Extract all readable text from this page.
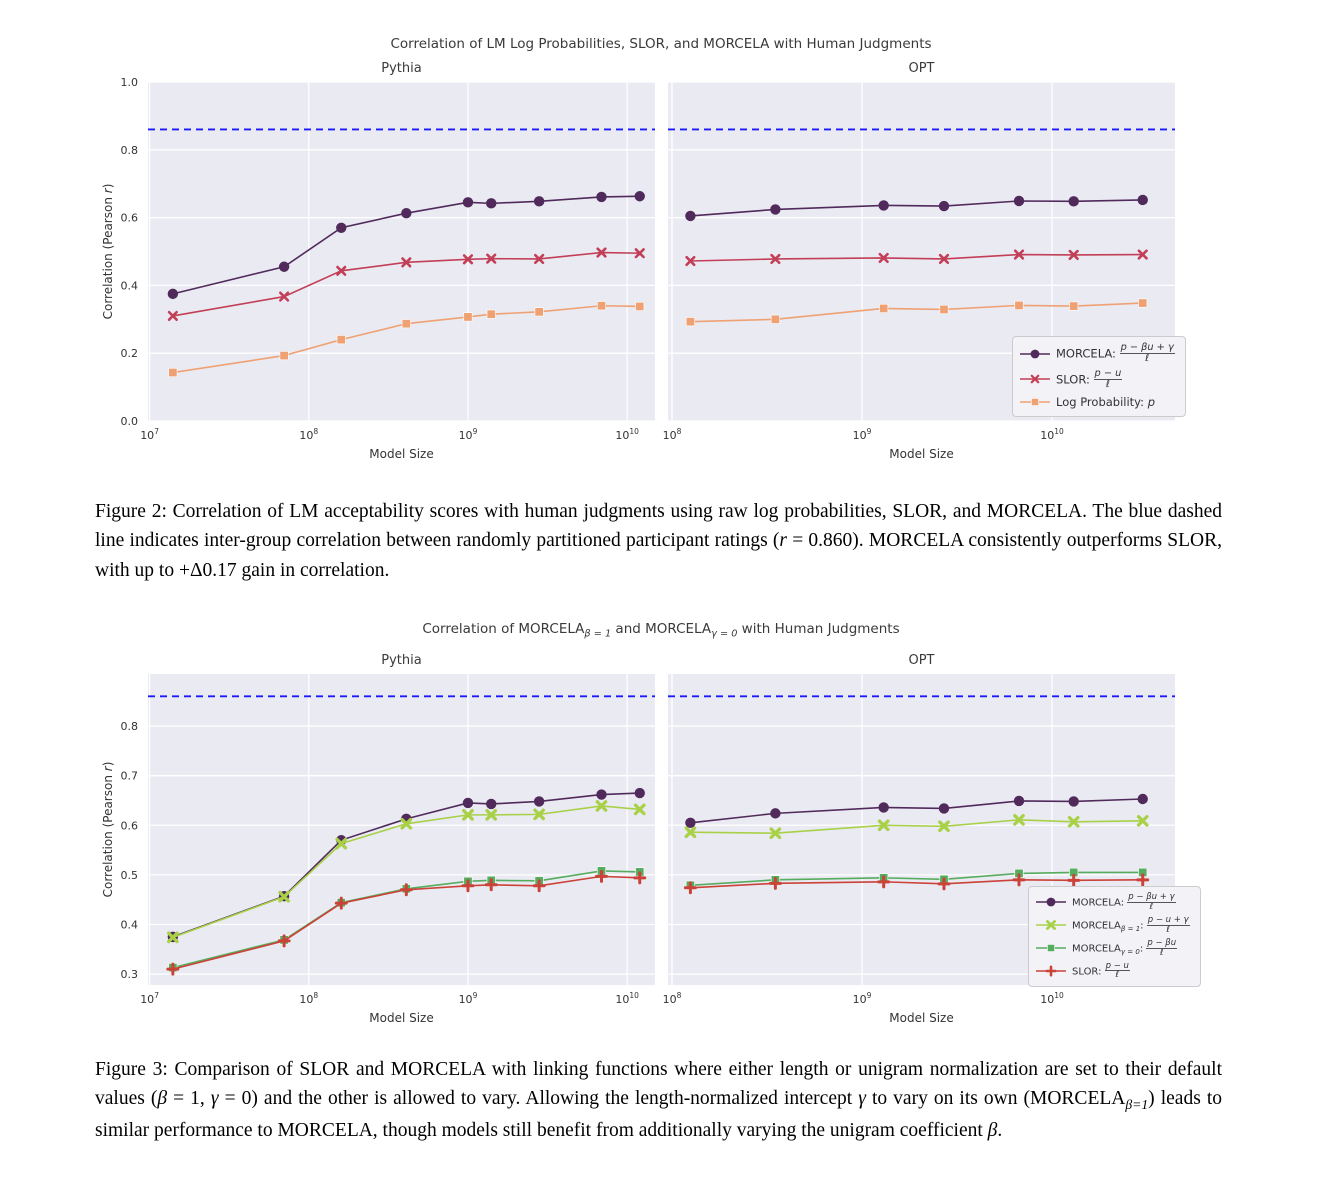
Pythia
0.0
0.2
0.4
0.6
0.8
1.0
$10^7$	$10^8$	$10^9$	$10^{10}$
Model Size
OPT
$10^8$	$10^9$	$10^{10}$
Model Size
Correlation (Pearson r)
Pythia
0.3
0.4
0.5
0.6
0.7
0.8
$10^7$	$10^8$	$10^9$	$10^{10}$
Model Size
OPT
$10^8$	$10^9$	$10^{10}$
Model Size
Correlation (Pearson r)
Correlation of LM Log Probabilities, SLOR, and MORCELA with Human Judgments
Correlation of $MORCELA_{\beta = 1}$ and $MORCELA_{\gamma = 0}$ with Human Judgments

Figure 2: Correlation of LM acceptability scores with human judgments using raw log probabilities, SLOR, and MORCELA. The blue dashed line indicates inter-group correlation between randomly partitioned participant ratings (r = 0.860). MORCELA consistently outperforms SLOR, with up to +Δ0.17 gain in correlation.

Figure 3: Comparison of SLOR and MORCELA with linking functions where either length or unigram normalization are set to their default values (β = 1, γ = 0) and the other is allowed to vary. Allowing the length-normalized intercept γ to vary on its own $(MORCELA_{\beta=1})$ leads to similar performance to MORCELA, though models still benefit from additionally varying the unigram coefficient β.

MORCELA: $\frac{p - \beta u + \gamma}{\text{ℓ}}$
SLOR: $\frac{p - u}{\text{ℓ}}$
Log Probability: p
MORCELA: $\frac{p - \beta u + \gamma}{\text{ℓ}}$
$MORCELA_{\beta = 1}$: $\frac{p - u + \gamma}{\text{ℓ}}$
$MORCELA_{\gamma = 0}$: $\frac{p - \beta u}{\text{ℓ}}$
SLOR: $\frac{p - u}{\text{ℓ}}$
